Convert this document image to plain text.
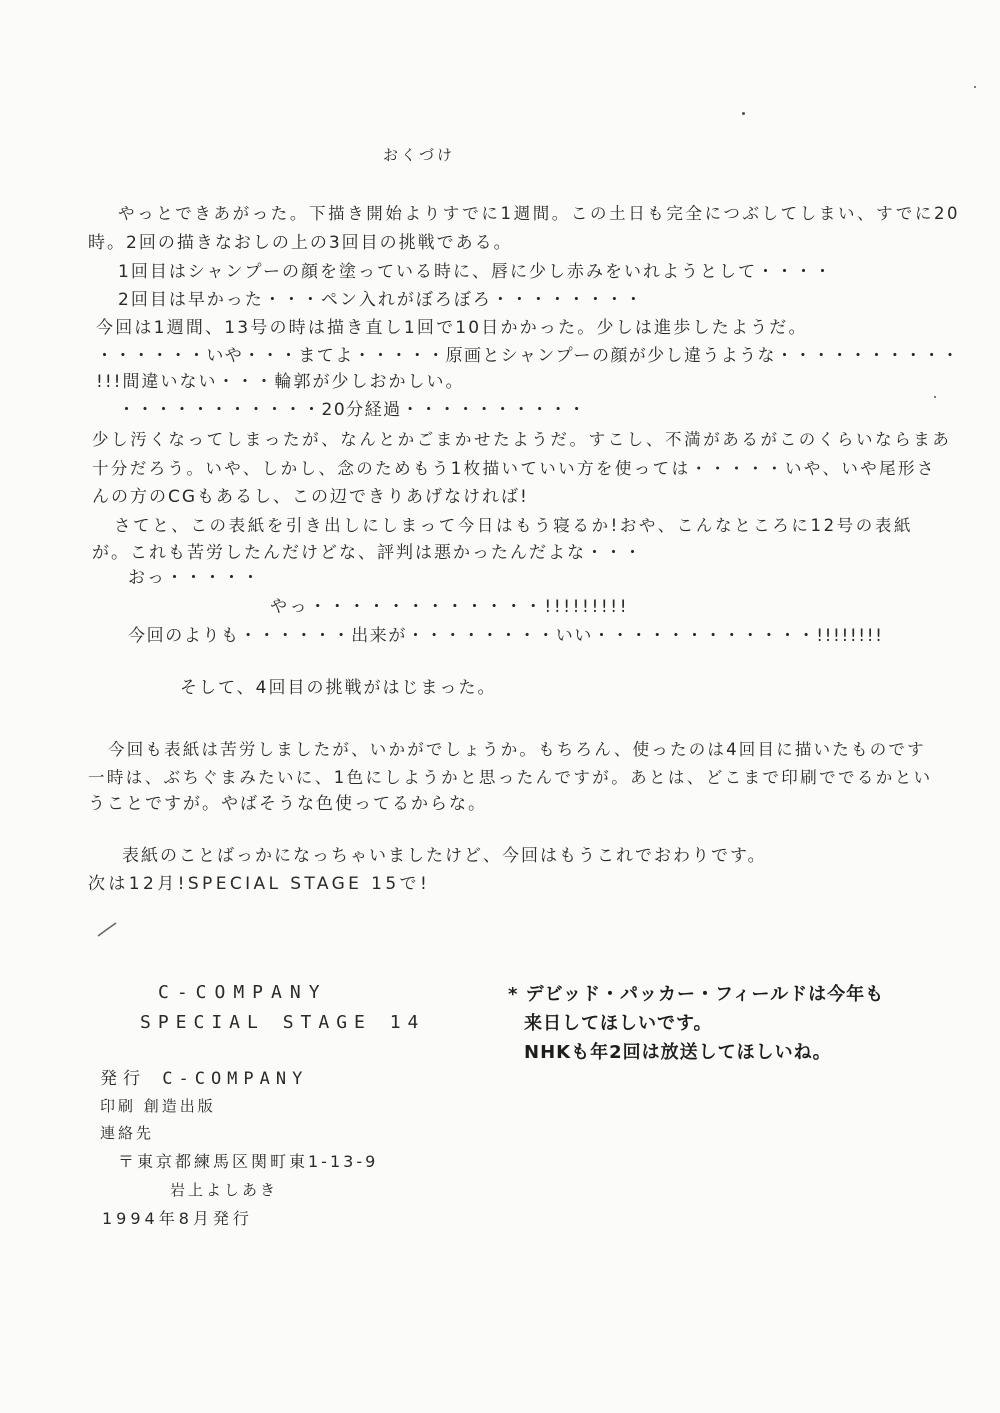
おくづけ
やっとできあがった。下描き開始よりすでに1週間。この土日も完全につぶしてしまい、すでに20
時。2回の描きなおしの上の3回目の挑戦である。
1回目はシャンプーの顔を塗っている時に、唇に少し赤みをいれようとして・・・・
2回目は早かった・・・ペン入れがぼろぼろ・・・・・・・・
今回は1週間、13号の時は描き直し1回で10日かかった。少しは進歩したようだ。
・・・・・・いや・・・まてよ・・・・・原画とシャンプーの顔が少し違うような・・・・・・・・・・
!!!間違いない・・・輪郭が少しおかしい。
・・・・・・・・・・・20分経過・・・・・・・・・・
少し汚くなってしまったが、なんとかごまかせたようだ。すこし、不満があるがこのくらいならまあ
十分だろう。いや、しかし、念のためもう1枚描いていい方を使っては・・・・・いや、いや尾形さ
んの方のCGもあるし、この辺できりあげなければ!
さてと、この表紙を引き出しにしまって今日はもう寝るか!おや、こんなところに12号の表紙
が。これも苦労したんだけどな、評判は悪かったんだよな・・・
おっ・・・・・
やっ・・・・・・・・・・・・!!!!!!!!!
今回のよりも・・・・・・出来が・・・・・・・・いい・・・・・・・・・・・・!!!!!!!!
そして、4回目の挑戦がはじまった。
今回も表紙は苦労しましたが、いかがでしょうか。もちろん、使ったのは4回目に描いたものです
一時は、ぶちぐまみたいに、1色にしようかと思ったんですが。あとは、どこまで印刷ででるかとい
うことですが。やばそうな色使ってるからな。
表紙のことばっかになっちゃいましたけど、今回はもうこれでおわりです。
次は12月!SPECIAL STAGE 15で!
C-COMPANY
SPECIAL STAGE 14
発行 C-COMPANY
印刷 創造出版
連絡先
〒東京都練馬区関町東1-13-9
岩上よしあき
1994年8月発行
* デビッド・パッカー・フィールドは今年も
来日してほしいです。
NHKも年2回は放送してほしいね。
